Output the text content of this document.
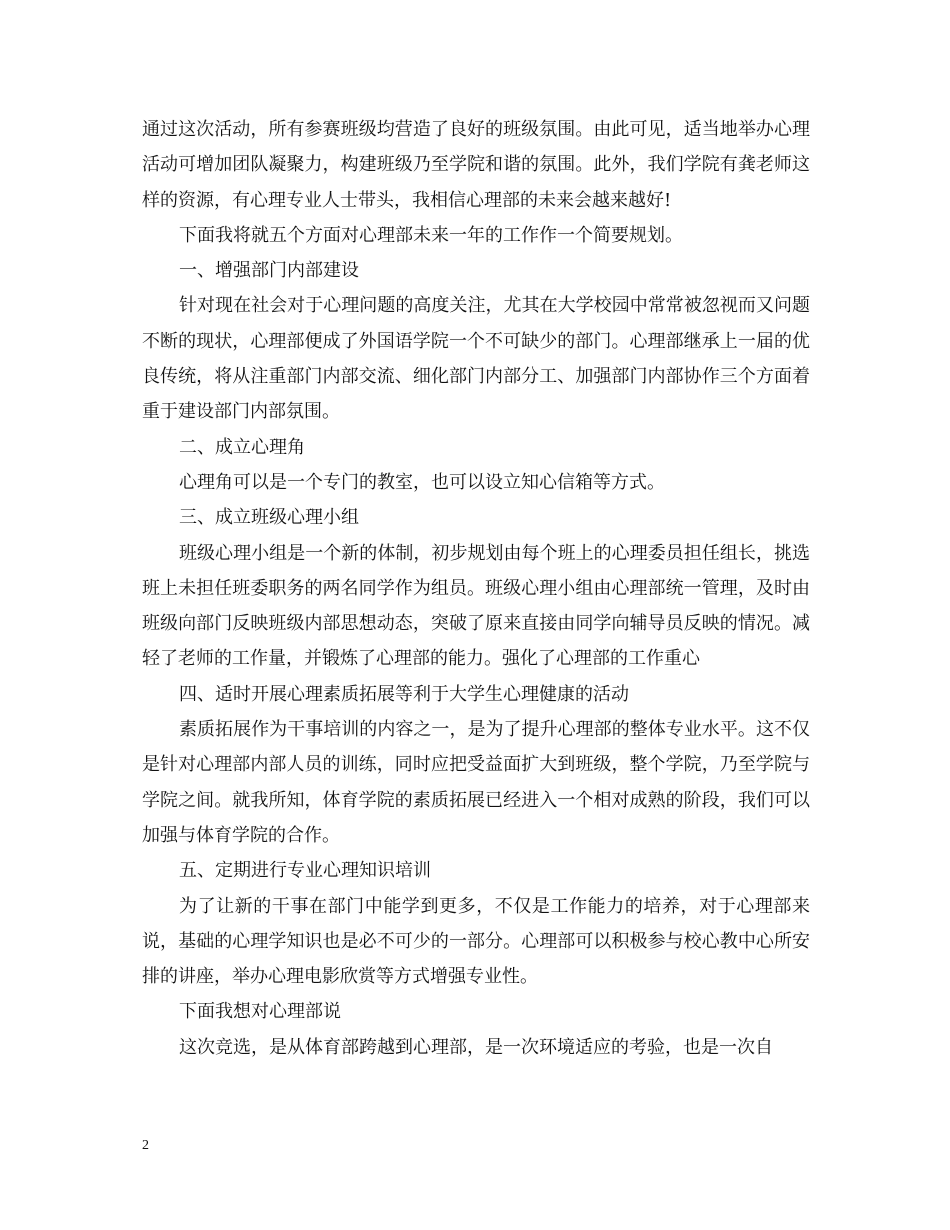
通过这次活动，所有参赛班级均营造了良好的班级氛围。由此可见，适当地举办心理活动可增加团队凝聚力，构建班级乃至学院和谐的氛围。此外，我们学院有龚老师这样的资源，有心理专业人士带头，我相信心理部的未来会越来越好!

下面我将就五个方面对心理部未来一年的工作作一个简要规划。

一、增强部门内部建设

针对现在社会对于心理问题的高度关注，尤其在大学校园中常常被忽视而又问题不断的现状，心理部便成了外国语学院一个不可缺少的部门。心理部继承上一届的优良传统，将从注重部门内部交流、细化部门内部分工、加强部门内部协作三个方面着重于建设部门内部氛围。

二、成立心理角

心理角可以是一个专门的教室，也可以设立知心信箱等方式。

三、成立班级心理小组

班级心理小组是一个新的体制，初步规划由每个班上的心理委员担任组长，挑选班上未担任班委职务的两名同学作为组员。班级心理小组由心理部统一管理，及时由班级向部门反映班级内部思想动态，突破了原来直接由同学向辅导员反映的情况。减轻了老师的工作量，并锻炼了心理部的能力。强化了心理部的工作重心

四、适时开展心理素质拓展等利于大学生心理健康的活动

素质拓展作为干事培训的内容之一，是为了提升心理部的整体专业水平。这不仅是针对心理部内部人员的训练，同时应把受益面扩大到班级，整个学院，乃至学院与学院之间。就我所知，体育学院的素质拓展已经进入一个相对成熟的阶段，我们可以加强与体育学院的合作。

五、定期进行专业心理知识培训

为了让新的干事在部门中能学到更多，不仅是工作能力的培养，对于心理部来说，基础的心理学知识也是必不可少的一部分。心理部可以积极参与校心教中心所安排的讲座，举办心理电影欣赏等方式增强专业性。

下面我想对心理部说

这次竞选，是从体育部跨越到心理部，是一次环境适应的考验，也是一次自

2
